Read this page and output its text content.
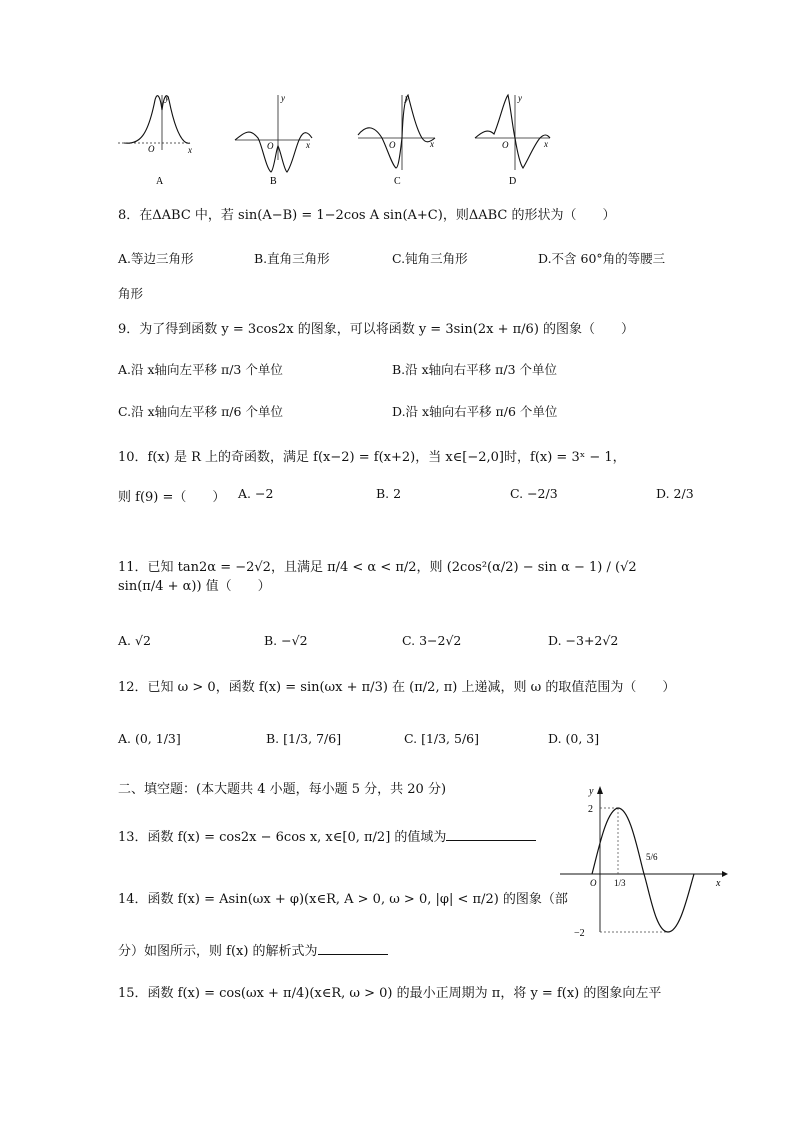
y
x
O
A
y
x
O
B
y
x
O
C
y
x
O
D
8．在ΔABC 中，若 sin(A−B) = 1−2cos A sin(A+C)，则ΔABC 的形状为（　　）
A.等边三角形	B.直角三角形	C.钝角三角形	D.不含 60°角的等腰三
角形
9．为了得到函数 y = 3cos2x 的图象，可以将函数 y = 3sin(2x + π/6) 的图象（　　）
A.沿 x轴向左平移 π/3 个单位	B.沿 x轴向右平移 π/3 个单位
C.沿 x轴向左平移 π/6 个单位	D.沿 x轴向右平移 π/6 个单位
10．f(x) 是 R 上的奇函数，满足 f(x−2) = f(x+2)，当 x∈[−2,0]时，f(x) = 3ˣ − 1，
则 f(9) =（　　） A. −2	B. 2	C. −2/3	D. 2/3
11．已知 tan2α = −2√2，且满足 π/4 < α < π/2，则 (2cos²(α/2) − sin α − 1) / (√2 sin(π/4 + α)) 值（　　）
A. √2	B. −√2	C. 3−2√2	D. −3+2√2
12．已知 ω > 0，函数 f(x) = sin(ωx + π/3) 在 (π/2, π) 上递减，则 ω 的取值范围为（　　）
A. (0, 1/3]	B. [1/3, 7/6]	C. [1/3, 5/6]	D. (0, 3]
二、填空题：(本大题共 4 小题，每小题 5 分，共 20 分)
13．函数 f(x) = cos2x − 6cos x, x∈[0, π/2] 的值域为
14．函数 f(x) = Asin(ωx + φ)(x∈R, A > 0, ω > 0, |φ| < π/2) 的图象（部
分）如图所示，则 f(x) 的解析式为
15．函数 f(x) = cos(ωx + π/4)(x∈R, ω > 0) 的最小正周期为 π，将 y = f(x) 的图象向左平
y
x
O
2
−2
1/3
5/6
